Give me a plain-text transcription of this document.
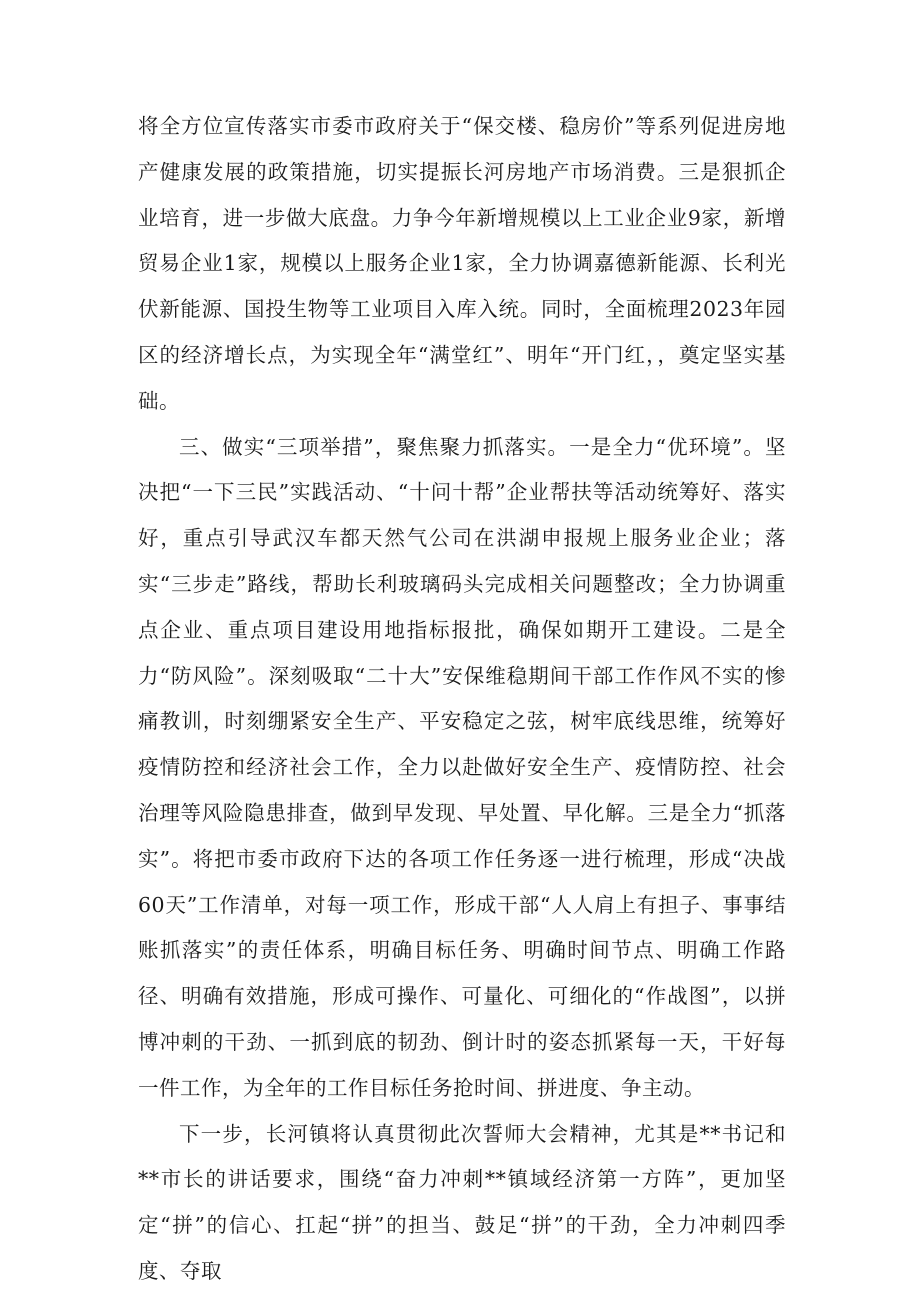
将全方位宣传落实市委市政府关于“保交楼、稳房价”等系列促进房地产健康发展的政策措施，切实提振长河房地产市场消费。三是狠抓企业培育，进一步做大底盘。力争今年新增规模以上工业企业9家，新增贸易企业1家，规模以上服务企业1家，全力协调嘉德新能源、长利光伏新能源、国投生物等工业项目入库入统。同时，全面梳理2023年园区的经济增长点，为实现全年“满堂红”、明年“开门红，，奠定坚实基础。

三、做实“三项举措”，聚焦聚力抓落实。一是全力“优环境”。坚决把“一下三民”实践活动、“十问十帮”企业帮扶等活动统筹好、落实好，重点引导武汉车都天然气公司在洪湖申报规上服务业企业；落实“三步走”路线，帮助长利玻璃码头完成相关问题整改；全力协调重点企业、重点项目建设用地指标报批，确保如期开工建设。二是全力“防风险”。深刻吸取“二十大”安保维稳期间干部工作作风不实的惨痛教训，时刻绷紧安全生产、平安稳定之弦，树牢底线思维，统筹好疫情防控和经济社会工作，全力以赴做好安全生产、疫情防控、社会治理等风险隐患排查，做到早发现、早处置、早化解。三是全力“抓落实”。将把市委市政府下达的各项工作任务逐一进行梳理，形成“决战60天”工作清单，对每一项工作，形成干部“人人肩上有担子、事事结账抓落实”的责任体系，明确目标任务、明确时间节点、明确工作路径、明确有效措施，形成可操作、可量化、可细化的“作战图”，以拼博冲刺的干劲、一抓到底的韧劲、倒计时的姿态抓紧每一天，干好每一件工作，为全年的工作目标任务抢时间、拼进度、争主动。

下一步，长河镇将认真贯彻此次誓师大会精神，尤其是**书记和**市长的讲话要求，围绕“奋力冲刺**镇域经济第一方阵”，更加坚定“拼”的信心、扛起“拼”的担当、鼓足“拼”的干劲，全力冲刺四季度、夺取
